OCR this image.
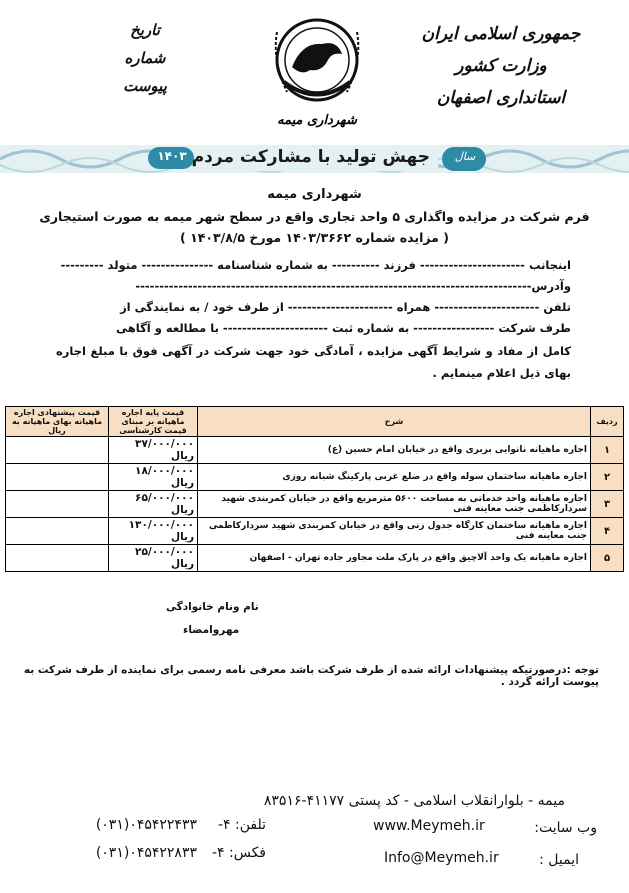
جمهوری اسلامی ایران
وزارت کشور
استانداری اصفهان
تاریخ
شماره
پیوست
شهرداری میمه
جهش تولید با مشارکت مردم
۱۴۰۳	سال
شهرداری میمه
فرم شرکت در مزایده واگذاری ۵ واحد تجاری واقع در سطح شهر میمه به صورت استیجاری
( مزایده شماره ۱۴۰۳/۳۶۶۲ مورخ ۱۴۰۳/۸/۵ )
اینجانب ---------------------- فرزند ---------- به شماره شناسنامه --------------- متولد ---------
وآدرس-----------------------------------------------------------------------------------
تلفن ---------------------- همراه ---------------------- از طرف خود / به نمایندگی از
طرف شرکت ----------------- به شماره ثبت ---------------------- با مطالعه و آگاهی
کامل از مفاد و شرایط آگهی مزایده ، آمادگی خود جهت شرکت در آگهی فوق با مبلغ اجاره بهای ذیل اعلام مینمایم .
ردیف	شرح	قیمت پایه اجاره ماهیانه بر مبنای قیمت کارشناسی	قیمت پیشنهادی اجاره ماهیانه بهای ماهیانه به ریال
۱	اجاره ماهیانه نانوایی بربری واقع در خیابان امام حسین (ع)	۳۷/۰۰۰/۰۰۰ ریال	
۲	اجاره ماهیانه ساختمان سوله واقع در ضلع غربی پارکینگ شبانه روزی	۱۸/۰۰۰/۰۰۰ ریال	
۳	اجاره ماهیانه واحد خدماتی به مساحت ۵۶۰۰ مترمربع واقع در خیابان کمربندی شهید سردارکاظمی جنب معاینه فنی	۶۵/۰۰۰/۰۰۰ ریال	
۴	اجاره ماهیانه ساختمان کارگاه جدول زنی واقع در خیابان کمربندی شهید سردارکاظمی جنب معاینه فنی	۱۳۰/۰۰۰/۰۰۰ ریال	
۵	اجاره ماهیانه یک واحد آلاچیق واقع در پارک ملت مجاور جاده تهران - اصفهان	۲۵/۰۰۰/۰۰۰ ریال	
نام ونام خانوادگی
مهروامضاء
توجه :درصورتیکه پیشنهادات ارائه شده از طرف شرکت باشد معرفی نامه رسمی برای نماینده از طرف شرکت به پیوست ارائه گردد .
میمه - بلوارانقلاب اسلامی - کد پستی ۴۱۱۷۷-۸۳۵۱۶
وب سایت:
www.Meymeh.ir
ایمیل :
Info@Meymeh.ir
تلفن: ۴-
۰۴۵۴۲۲۴۳۳(۰۳۱)
فکس: ۴-
۰۴۵۴۲۲۸۳۳(۰۳۱)
